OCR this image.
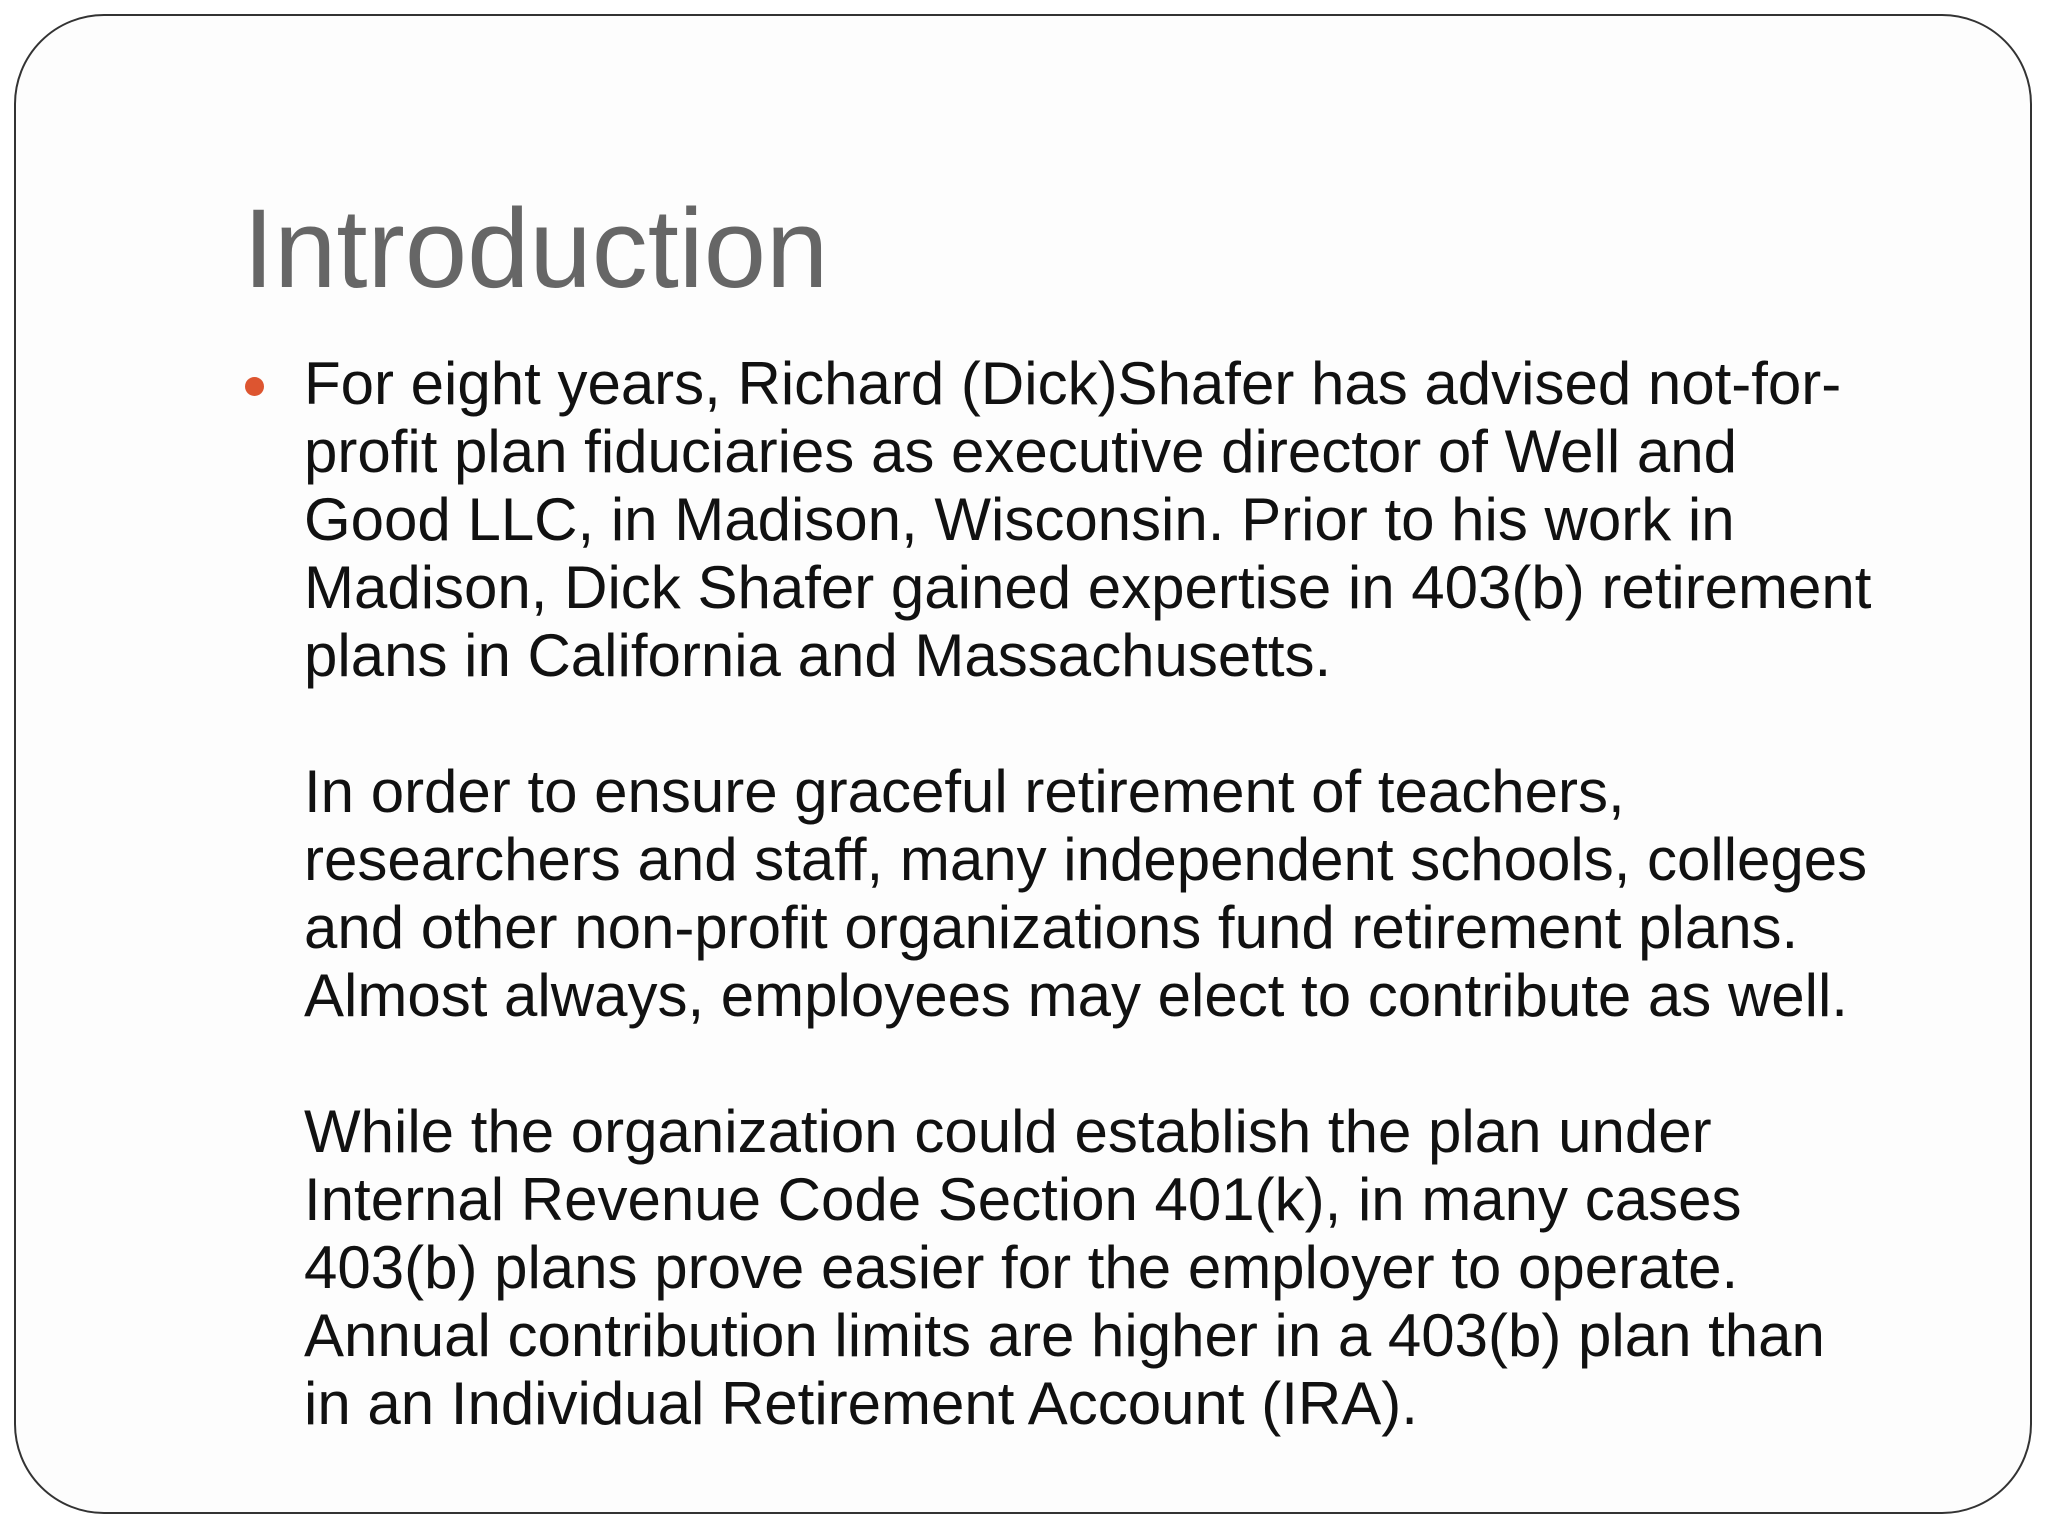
Introduction
For eight years, Richard (Dick)Shafer has advised not-for-
profit plan fiduciaries as executive director of Well and
Good LLC, in Madison, Wisconsin. Prior to his work in
Madison, Dick Shafer gained expertise in 403(b) retirement
plans in California and Massachusetts.
In order to ensure graceful retirement of teachers,
researchers and staff, many independent schools, colleges
and other non-profit organizations fund retirement plans.
Almost always, employees may elect to contribute as well.
While the organization could establish the plan under
Internal Revenue Code Section 401(k), in many cases
403(b) plans prove easier for the employer to operate.
Annual contribution limits are higher in a 403(b) plan than
in an Individual Retirement Account (IRA).
